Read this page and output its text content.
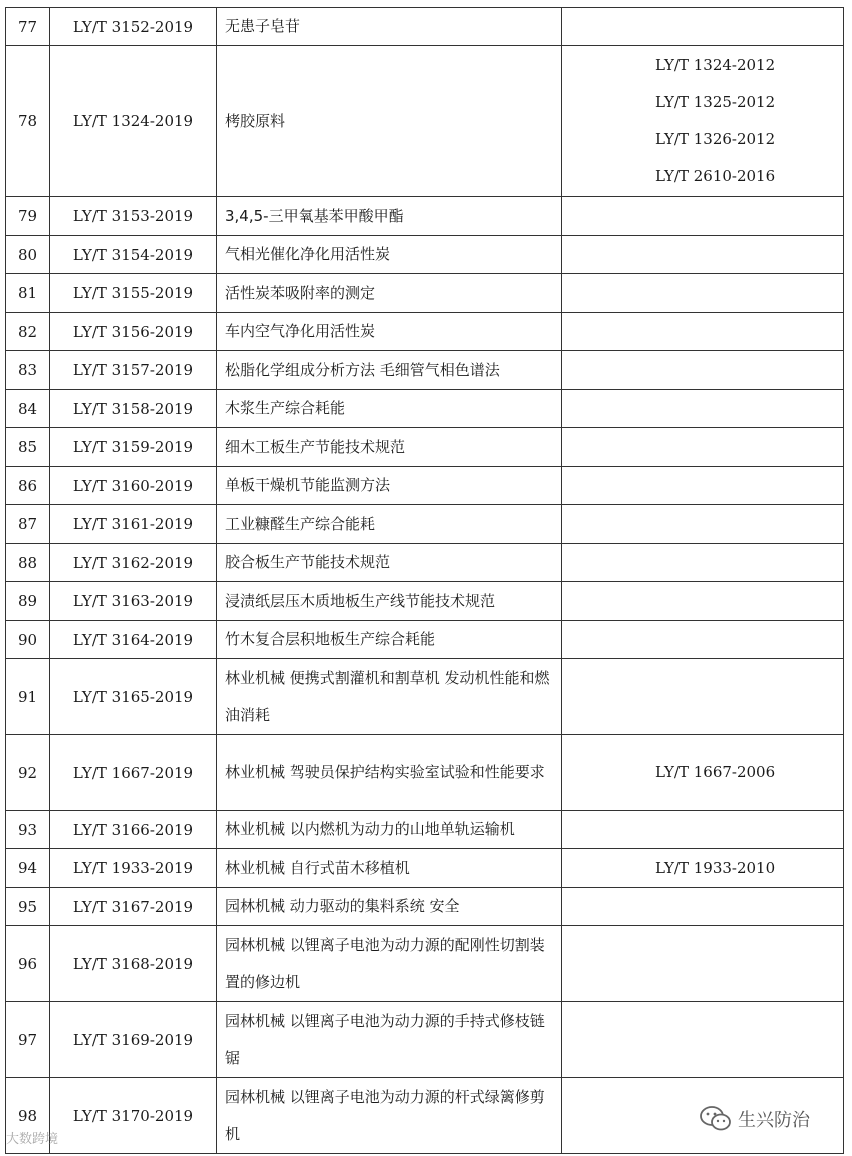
77	LY/T 3152-2019	无患子皂苷	
78	LY/T 1324-2019	栲胶原料	LY/T 1324-2012
LY/T 1325-2012
LY/T 1326-2012
LY/T 2610-2016

79	LY/T 3153-2019	3,4,5-三甲氧基苯甲酸甲酯	
80	LY/T 3154-2019	气相光催化净化用活性炭	
81	LY/T 3155-2019	活性炭苯吸附率的测定	
82	LY/T 3156-2019	车内空气净化用活性炭	
83	LY/T 3157-2019	松脂化学组成分析方法 毛细管气相色谱法	
84	LY/T 3158-2019	木浆生产综合耗能	
85	LY/T 3159-2019	细木工板生产节能技术规范	
86	LY/T 3160-2019	单板干燥机节能监测方法	
87	LY/T 3161-2019	工业糠醛生产综合能耗	
88	LY/T 3162-2019	胶合板生产节能技术规范	
89	LY/T 3163-2019	浸渍纸层压木质地板生产线节能技术规范	
90	LY/T 3164-2019	竹木复合层积地板生产综合耗能	
91	LY/T 3165-2019	林业机械 便携式割灌机和割草机 发动机性能和燃油消耗	
92	LY/T 1667-2019	林业机械 驾驶员保护结构实验室试验和性能要求	LY/T 1667-2006

93	LY/T 3166-2019	林业机械 以内燃机为动力的山地单轨运输机	
94	LY/T 1933-2019	林业机械 自行式苗木移植机	LY/T 1933-2010

95	LY/T 3167-2019	园林机械 动力驱动的集料系统 安全	
96	LY/T 3168-2019	园林机械 以锂离子电池为动力源的配刚性切割装置的修边机	
97	LY/T 3169-2019	园林机械 以锂离子电池为动力源的手持式修枝链锯	
98	LY/T 3170-2019	园林机械 以锂离子电池为动力源的杆式绿篱修剪机	
大数跨境
生兴防治
